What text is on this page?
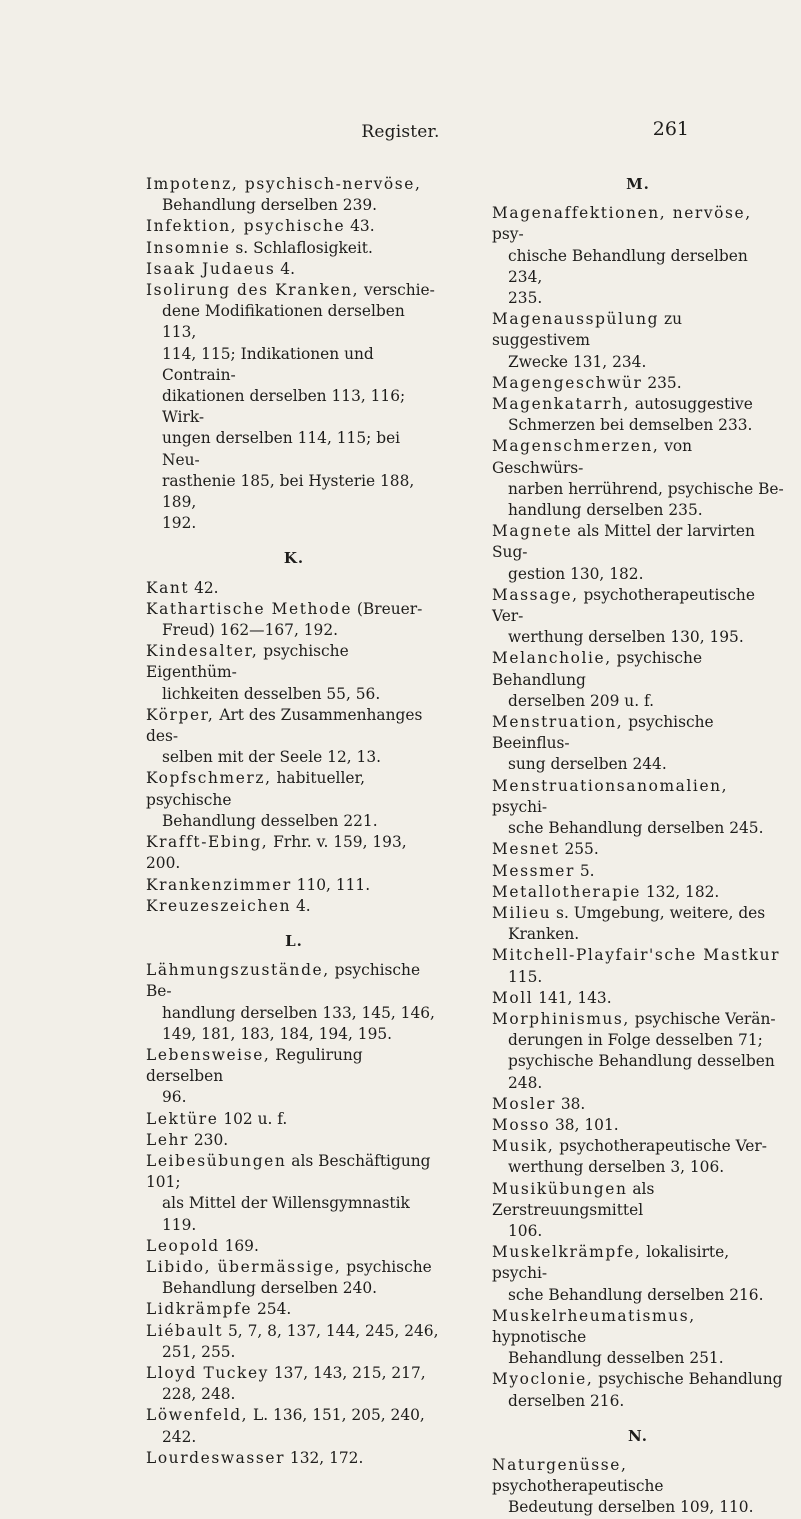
Register.	261
Impotenz, psychisch-nervöse,
Behandlung derselben 239.
Infektion, psychische 43.
Insomnie s. Schlaflosigkeit.
Isaak Judaeus 4.
Isolirung des Kranken, verschie-
dene Modifikationen derselben 113,
114, 115; Indikationen und Contrain-
dikationen derselben 113, 116; Wirk-
ungen derselben 114, 115; bei Neu-
rasthenie 185, bei Hysterie 188, 189,
192.
K.
Kant 42.
Kathartische Methode (Breuer-
Freud) 162—167, 192.
Kindesalter, psychische Eigenthüm-
lichkeiten desselben 55, 56.
Körper, Art des Zusammenhanges des-
selben mit der Seele 12, 13.
Kopfschmerz, habitueller, psychische
Behandlung desselben 221.
Krafft-Ebing, Frhr. v. 159, 193, 200.
Krankenzimmer 110, 111.
Kreuzeszeichen 4.
L.
Lähmungszustände, psychische Be-
handlung derselben 133, 145, 146,
149, 181, 183, 184, 194, 195.
Lebensweise, Regulirung derselben
96.
Lektüre 102 u. f.
Lehr 230.
Leibesübungen als Beschäftigung 101;
als Mittel der Willensgymnastik 119.
Leopold 169.
Libido, übermässige, psychische
Behandlung derselben 240.
Lidkrämpfe 254.
Liébault 5, 7, 8, 137, 144, 245, 246,
251, 255.
Lloyd Tuckey 137, 143, 215, 217,
228, 248.
Löwenfeld, L. 136, 151, 205, 240,
242.
Lourdeswasser 132, 172.
M.
Magenaffektionen, nervöse, psy-
chische Behandlung derselben 234,
235.
Magenausspülung zu suggestivem
Zwecke 131, 234.
Magengeschwür 235.
Magenkatarrh, autosuggestive
Schmerzen bei demselben 233.
Magenschmerzen, von Geschwürs-
narben herrührend, psychische Be-
handlung derselben 235.
Magnete als Mittel der larvirten Sug-
gestion 130, 182.
Massage, psychotherapeutische Ver-
werthung derselben 130, 195.
Melancholie, psychische Behandlung
derselben 209 u. f.
Menstruation, psychische Beeinflus-
sung derselben 244.
Menstruationsanomalien, psychi-
sche Behandlung derselben 245.
Mesnet 255.
Messmer 5.
Metallotherapie 132, 182.
Milieu s. Umgebung, weitere, des
Kranken.
Mitchell-Playfair'sche Mastkur
115.
Moll 141, 143.
Morphinismus, psychische Verän-
derungen in Folge desselben 71;
psychische Behandlung desselben 248.
Mosler 38.
Mosso 38, 101.
Musik, psychotherapeutische Ver-
werthung derselben 3, 106.
Musikübungen als Zerstreuungsmittel
106.
Muskelkrämpfe, lokalisirte, psychi-
sche Behandlung derselben 216.
Muskelrheumatismus, hypnotische
Behandlung desselben 251.
Myoclonie, psychische Behandlung
derselben 216.
N.
Naturgenüsse, psychotherapeutische
Bedeutung derselben 109, 110.
